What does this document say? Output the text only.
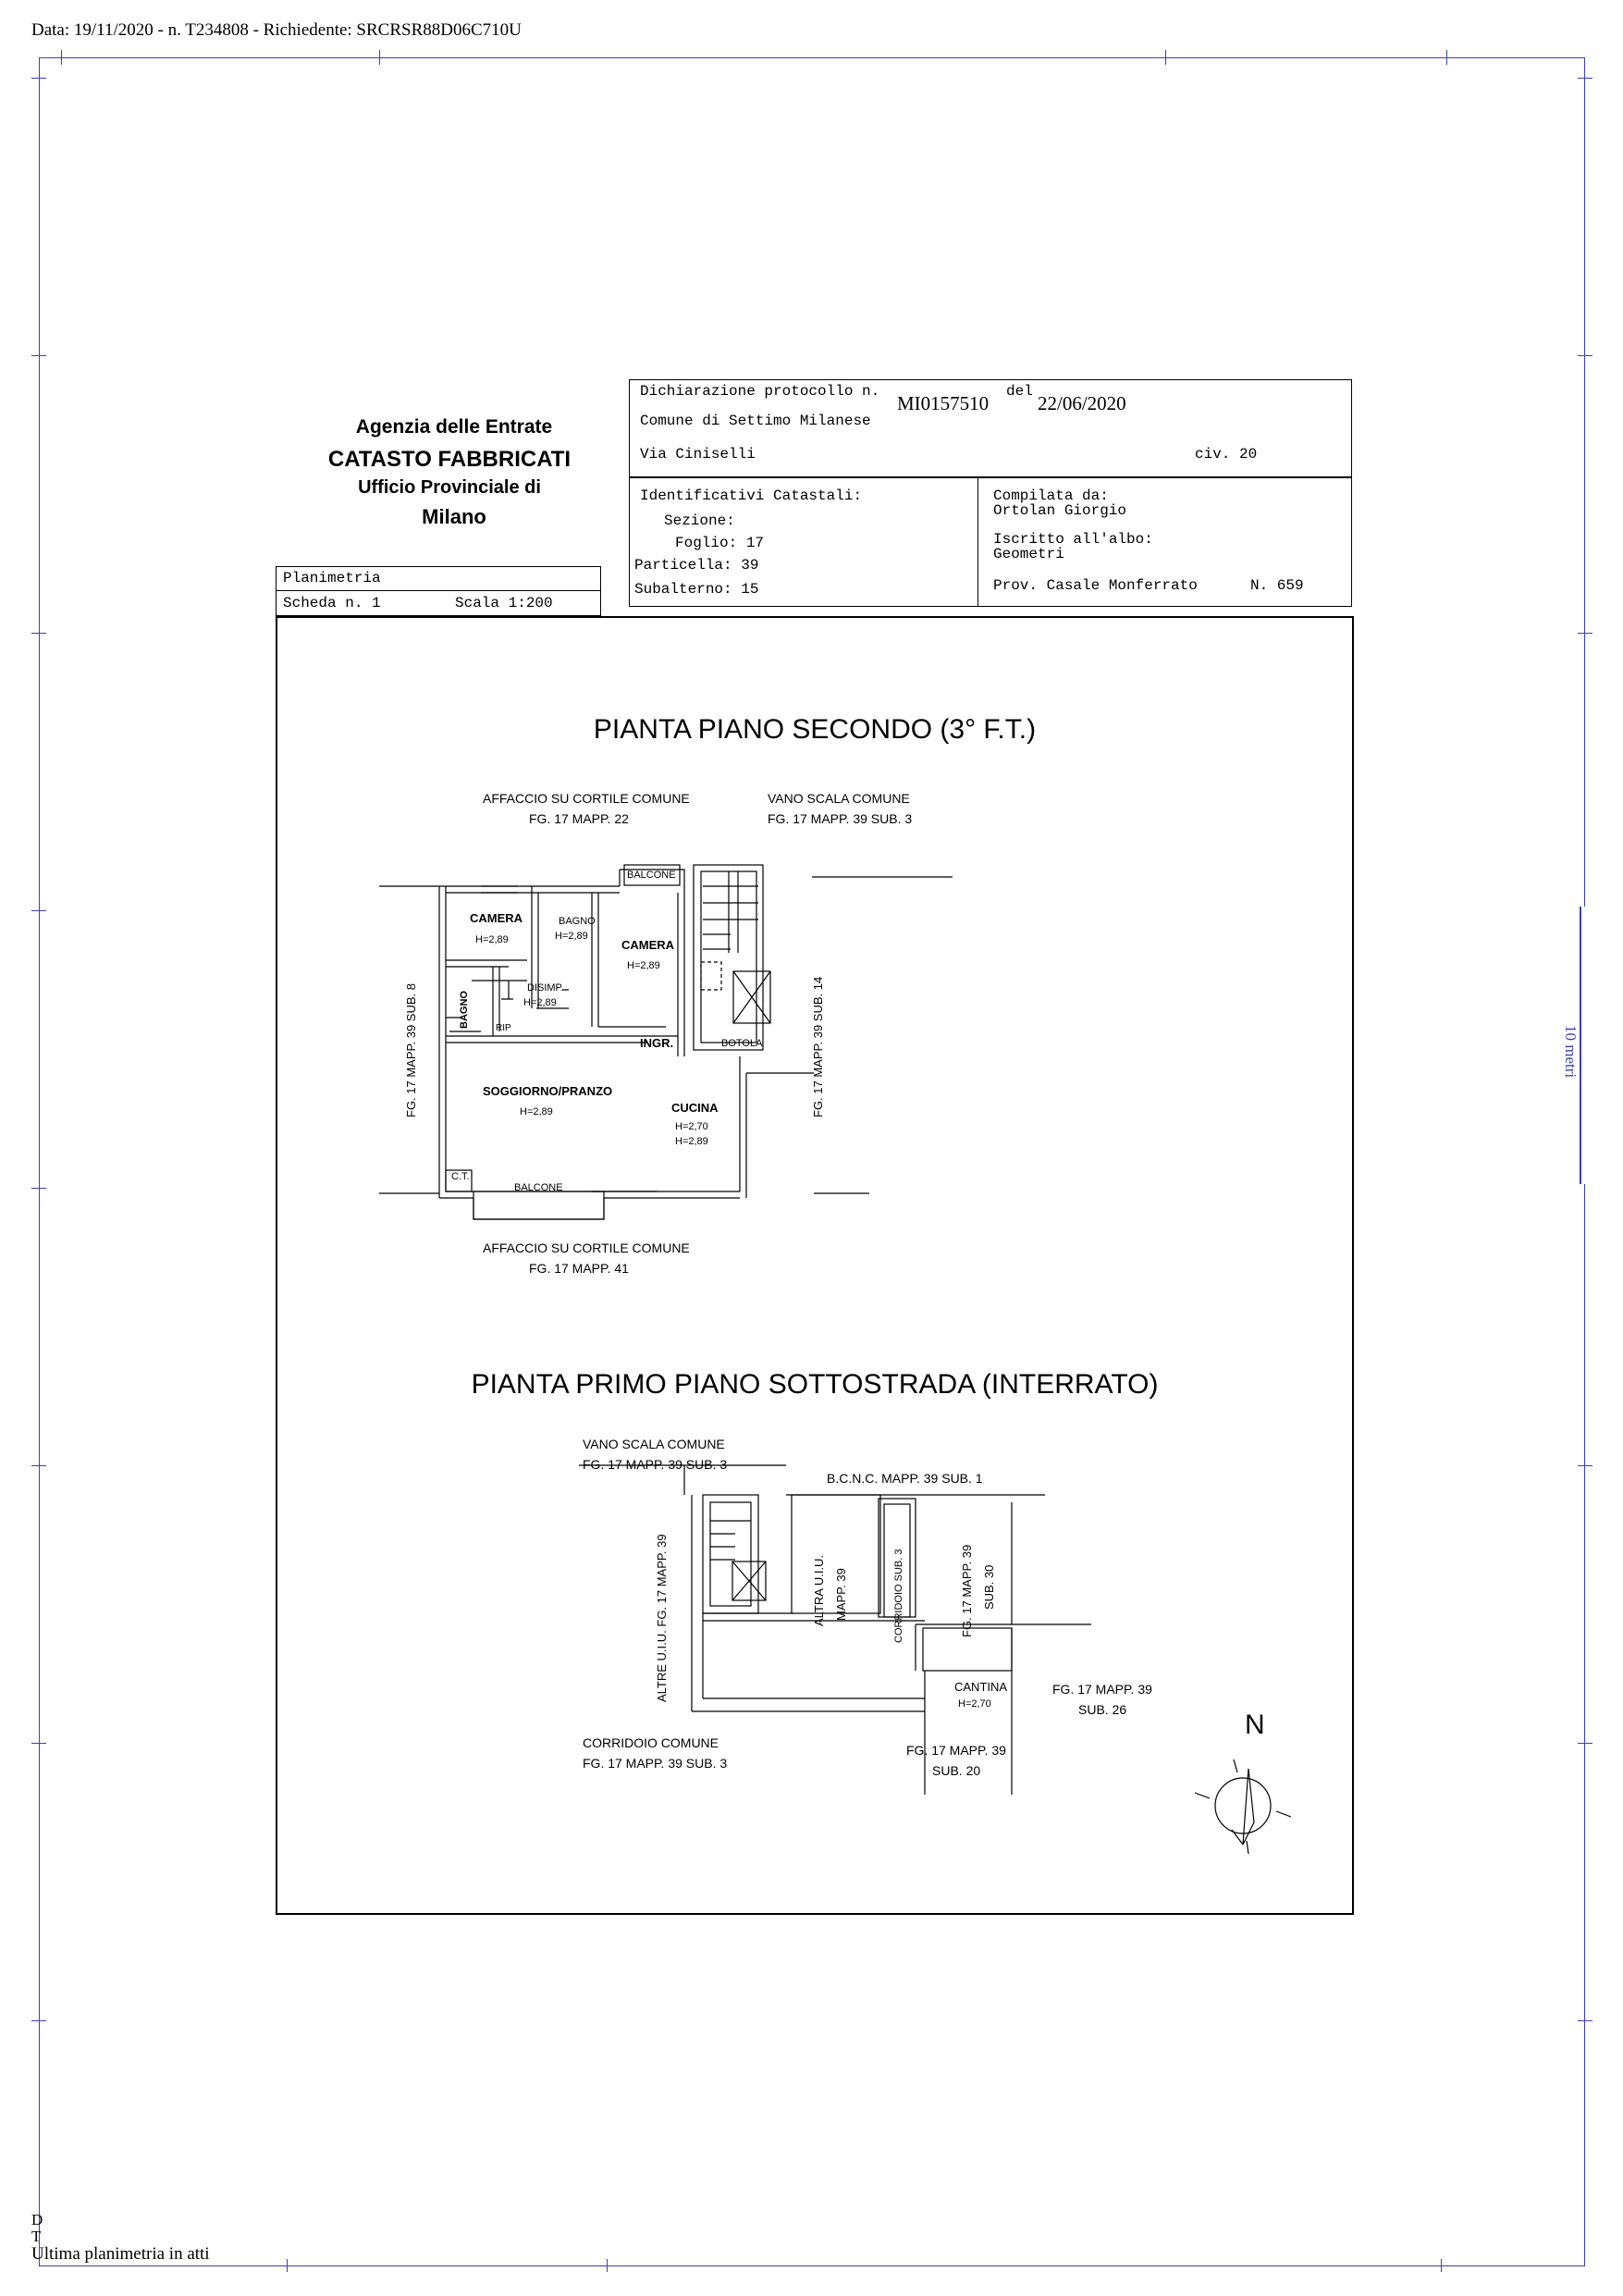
Data: 19/11/2020 - n. T234808 - Richiedente: SRCRSR88D06C710U
10 metri
Agenzia delle Entrate
CATASTO FABBRICATI
Ufficio Provinciale di
Milano
Planimetria
Scheda n. 1	Scala 1:200
Dichiarazione protocollo n.
MI0157510
del
22/06/2020
Comune di Settimo Milanese
Via Ciniselli	civ. 20
Identificativi Catastali:
Sezione:
Foglio: 17
Particella: 39
Subalterno: 15
Compilata da:
Ortolan Giorgio
Iscritto all'albo:
Geometri
Prov. Casale Monferrato	N. 659
PIANTA PIANO SECONDO (3° F.T.)
AFFACCIO SU CORTILE COMUNE
FG. 17 MAPP. 22
VANO SCALA COMUNE
FG. 17 MAPP. 39 SUB. 3
FG. 17 MAPP. 39 SUB. 8	FG. 17 MAPP. 39 SUB. 14
AFFACCIO SU CORTILE COMUNE
FG. 17 MAPP. 41
BALCONE
CAMERA
H=2,89
BAGNO
H=2,89
CAMERA
H=2,89
BAGNO
DISIMP.
H=2,89
RIP
INGR.	BOTOLA
SOGGIORNO/PRANZO
H=2,89	CUCINA
H=2,70
H=2,89
C.T.
BALCONE
PIANTA PRIMO PIANO SOTTOSTRADA (INTERRATO)
VANO SCALA COMUNE
FG. 17 MAPP. 39 SUB. 3
B.C.N.C. MAPP. 39 SUB. 1
ALTRE U.I.U. FG. 17 MAPP. 39	ALTRA U.I.U. MAPP. 39	CORRIDOIO SUB. 3	FG. 17 MAPP. 39 SUB. 30
CANTINA
H=2,70
FG. 17 MAPP. 39
SUB. 26
CORRIDOIO COMUNE
FG. 17 MAPP. 39 SUB. 3
FG. 17 MAPP. 39
SUB. 20
N
D
T
Ultima planimetria in atti
